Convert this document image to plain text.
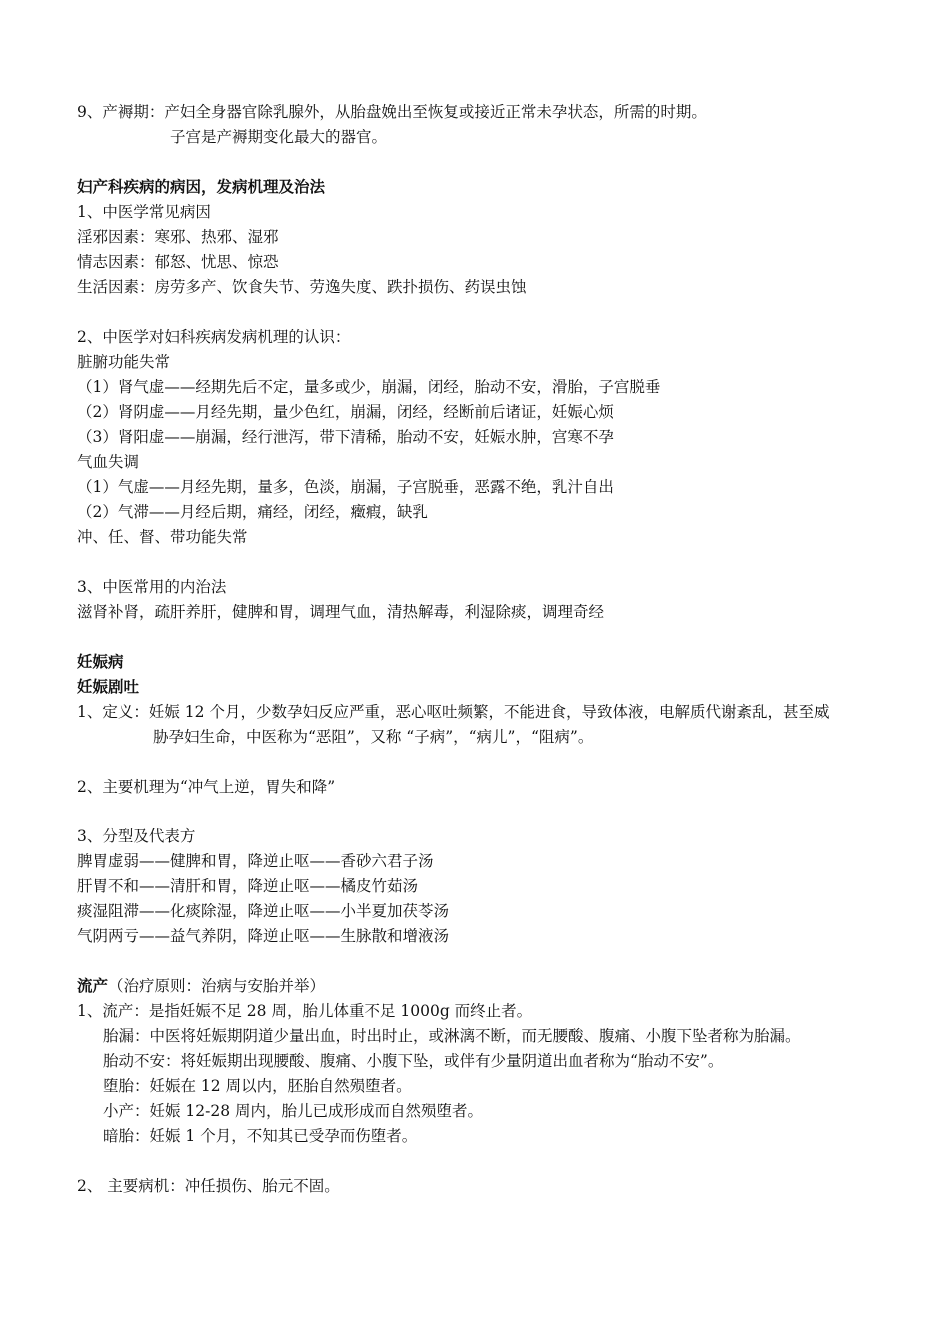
9、产褥期：产妇全身器官除乳腺外，从胎盘娩出至恢复或接近正常未孕状态，所需的时期。
子宫是产褥期变化最大的器官。
妇产科疾病的病因，发病机理及治法
1、中医学常见病因
淫邪因素：寒邪、热邪、湿邪
情志因素：郁怒、忧思、惊恐
生活因素：房劳多产、饮食失节、劳逸失度、跌扑损伤、药误虫蚀
2、中医学对妇科疾病发病机理的认识：
脏腑功能失常
（1）肾气虚——经期先后不定，量多或少，崩漏，闭经，胎动不安，滑胎，子宫脱垂
（2）肾阴虚——月经先期，量少色红，崩漏，闭经，经断前后诸证，妊娠心烦
（3）肾阳虚——崩漏，经行泄泻，带下清稀，胎动不安，妊娠水肿，宫寒不孕
气血失调
（1）气虚——月经先期，量多，色淡，崩漏，子宫脱垂，恶露不绝，乳汁自出
（2）气滞——月经后期，痛经，闭经，癥瘕，缺乳
冲、任、督、带功能失常
3、中医常用的内治法
滋肾补肾，疏肝养肝，健脾和胃，调理气血，清热解毒，利湿除痰，调理奇经
妊娠病
妊娠剧吐
1、定义：妊娠 12 个月，少数孕妇反应严重，恶心呕吐频繁，不能进食，导致体液，电解质代谢紊乱，甚至威
胁孕妇生命，中医称为“恶阻”，又称 “子病”，“病儿”，“阻病”。
2、主要机理为“冲气上逆，胃失和降”
3、分型及代表方
脾胃虚弱——健脾和胃，降逆止呕——香砂六君子汤
肝胃不和——清肝和胃，降逆止呕——橘皮竹茹汤
痰湿阻滞——化痰除湿，降逆止呕——小半夏加茯苓汤
气阴两亏——益气养阴，降逆止呕——生脉散和增液汤
流产（治疗原则：治病与安胎并举）
1、流产：是指妊娠不足 28 周，胎儿体重不足 1000g 而终止者。
胎漏：中医将妊娠期阴道少量出血，时出时止，或淋漓不断，而无腰酸、腹痛、小腹下坠者称为胎漏。
胎动不安：将妊娠期出现腰酸、腹痛、小腹下坠，或伴有少量阴道出血者称为“胎动不安”。
堕胎：妊娠在 12 周以内，胚胎自然殒堕者。
小产：妊娠 12-28 周内，胎儿已成形成而自然殒堕者。
暗胎：妊娠 1 个月，不知其已受孕而伤堕者。
2、 主要病机：冲任损伤、胎元不固。
